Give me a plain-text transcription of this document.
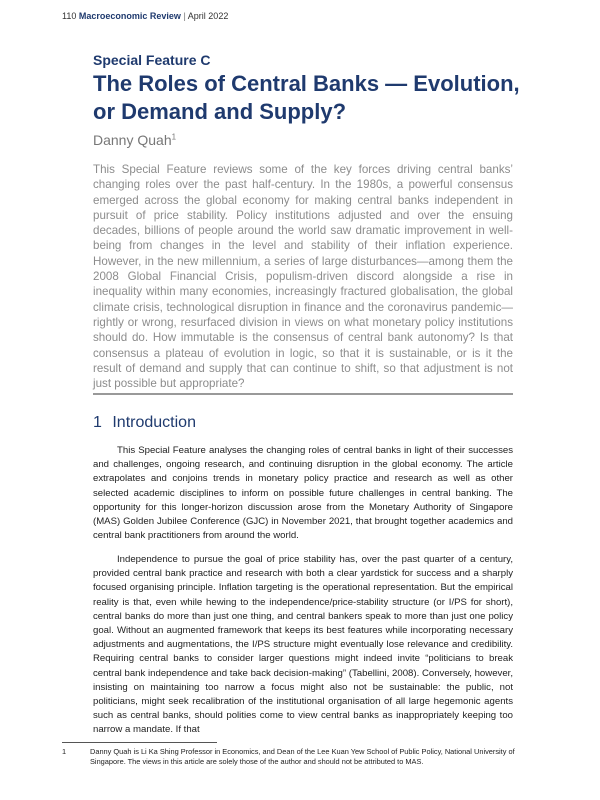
110 Macroeconomic Review | April 2022
Special Feature C
The Roles of Central Banks — Evolution, or Demand and Supply?
Danny Quah$^1$
This Special Feature reviews some of the key forces driving central banks’ changing roles over the past half-century. In the 1980s, a powerful consensus emerged across the global economy for making central banks independent in pursuit of price stability. Policy institutions adjusted and over the ensuing decades, billions of people around the world saw dramatic improvement in well-being from changes in the level and stability of their inflation experience. However, in the new millennium, a series of large disturbances—among them the 2008 Global Financial Crisis, populism-driven discord alongside a rise in inequality within many economies, increasingly fractured globalisation, the global climate crisis, technological disruption in finance and the coronavirus pandemic—rightly or wrong, resurfaced division in views on what monetary policy institutions should do. How immutable is the consensus of central bank autonomy? Is that consensus a plateau of evolution in logic, so that it is sustainable, or is it the result of demand and supply that can continue to shift, so that adjustment is not just possible but appropriate?
1 Introduction
This Special Feature analyses the changing roles of central banks in light of their successes and challenges, ongoing research, and continuing disruption in the global economy. The article extrapolates and conjoins trends in monetary policy practice and research as well as other selected academic disciplines to inform on possible future challenges in central banking. The opportunity for this longer-horizon discussion arose from the Monetary Authority of Singapore (MAS) Golden Jubilee Conference (GJC) in November 2021, that brought together academics and central bank practitioners from around the world.
Independence to pursue the goal of price stability has, over the past quarter of a century, provided central bank practice and research with both a clear yardstick for success and a sharply focused organising principle. Inflation targeting is the operational representation. But the empirical reality is that, even while hewing to the independence/price-stability structure (or I/PS for short), central banks do more than just one thing, and central bankers speak to more than just one policy goal. Without an augmented framework that keeps its best features while incorporating necessary adjustments and augmentations, the I/PS structure might eventually lose relevance and credibility. Requiring central banks to consider larger questions might indeed invite “politicians to break central bank independence and take back decision-making” (Tabellini, 2008). Conversely, however, insisting on maintaining too narrow a focus might also not be sustainable: the public, not politicians, might seek recalibration of the institutional organisation of all large hegemonic agents such as central banks, should polities come to view central banks as inappropriately keeping too narrow a mandate. If that
1	Danny Quah is Li Ka Shing Professor in Economics, and Dean of the Lee Kuan Yew School of Public Policy, National University of Singapore. The views in this article are solely those of the author and should not be attributed to MAS.
